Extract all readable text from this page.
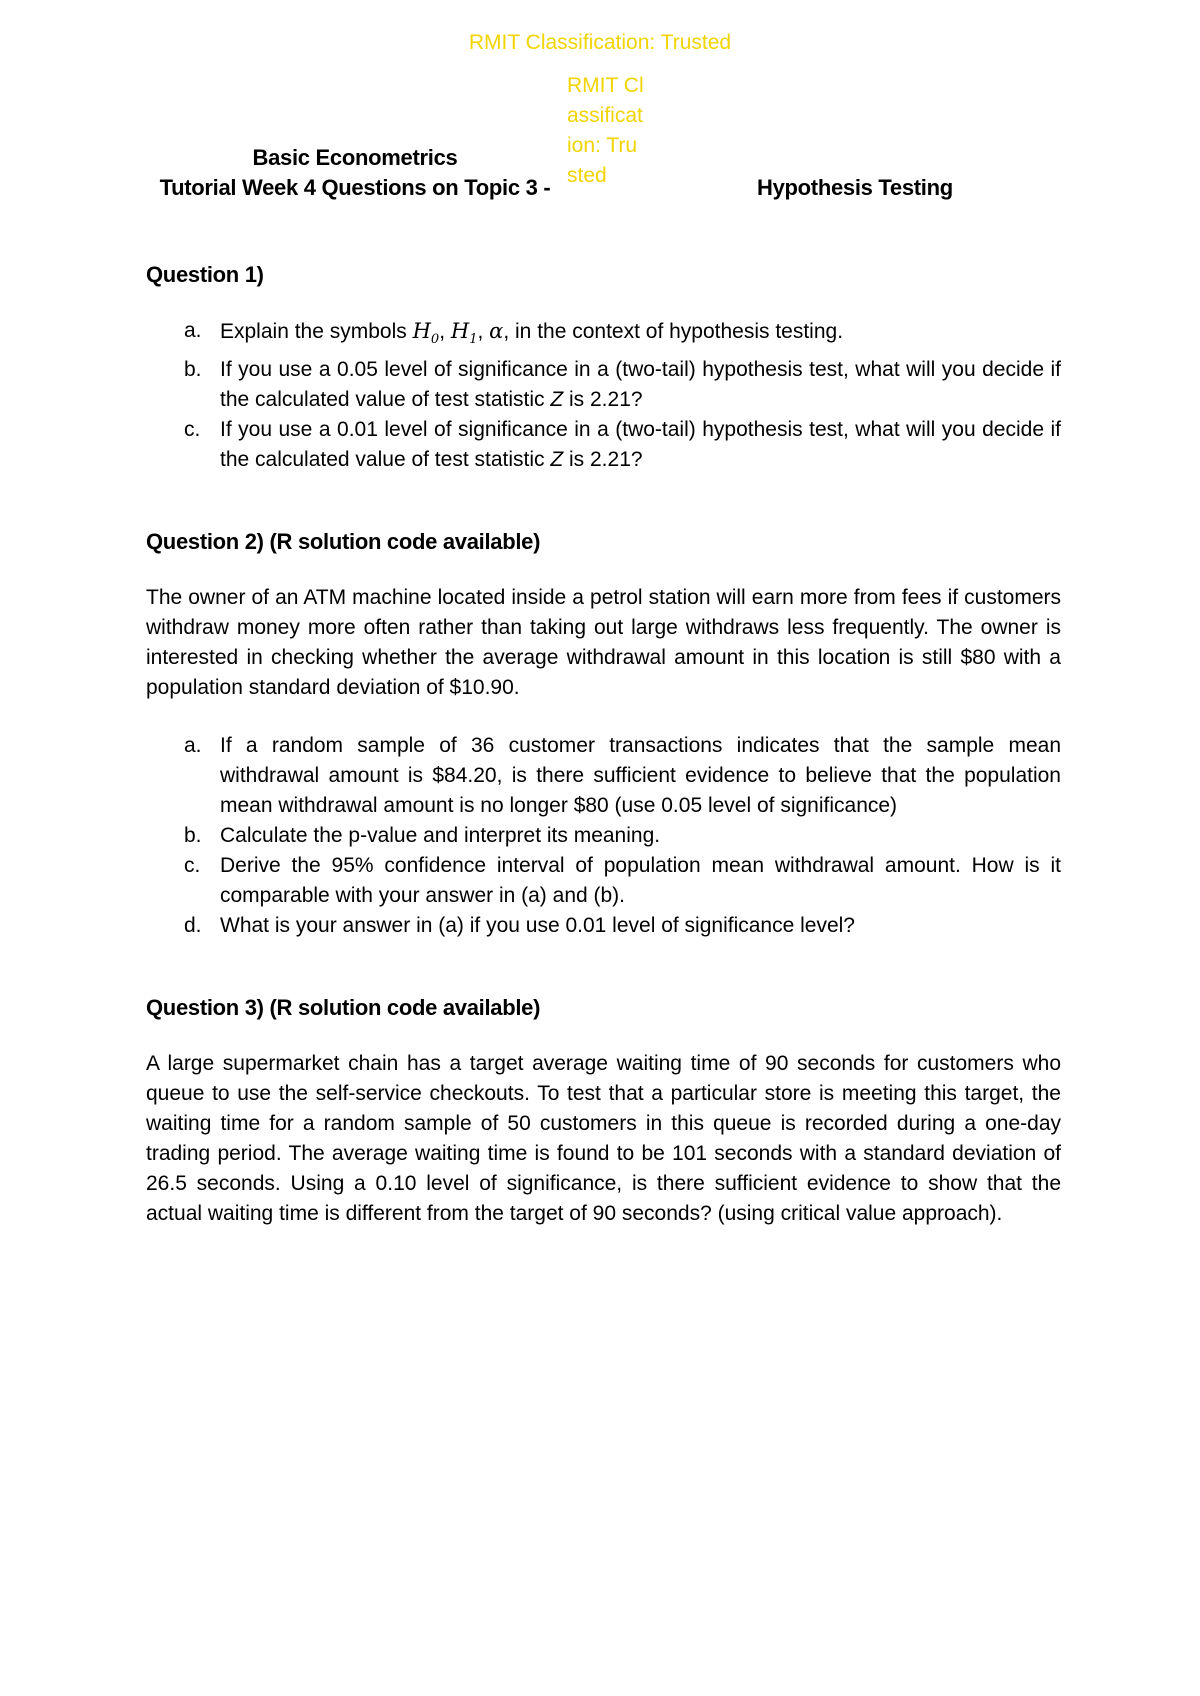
RMIT Classification: Trusted
RMIT Classification: Trusted
Basic Econometrics
Tutorial Week 4 Questions on Topic 3 -	Hypothesis Testing
Question 1)
a. Explain the symbols $H_0$, $H_1$, α, in the context of hypothesis testing.
b. If you use a 0.05 level of significance in a (two-tail) hypothesis test, what will you decide if the calculated value of test statistic Z is 2.21?
c. If you use a 0.01 level of significance in a (two-tail) hypothesis test, what will you decide if the calculated value of test statistic Z is 2.21?
Question 2) (R solution code available)

The owner of an ATM machine located inside a petrol station will earn more from fees if customers withdraw money more often rather than taking out large withdraws less frequently. The owner is interested in checking whether the average withdrawal amount in this location is still $80 with a population standard deviation of $10.90.

a. If a random sample of 36 customer transactions indicates that the sample mean withdrawal amount is $84.20, is there sufficient evidence to believe that the population mean withdrawal amount is no longer $80 (use 0.05 level of significance)
b. Calculate the p-value and interpret its meaning.
c. Derive the 95% confidence interval of population mean withdrawal amount. How is it comparable with your answer in (a) and (b).
d. What is your answer in (a) if you use 0.01 level of significance level?
Question 3) (R solution code available)

A large supermarket chain has a target average waiting time of 90 seconds for customers who queue to use the self-service checkouts. To test that a particular store is meeting this target, the waiting time for a random sample of 50 customers in this queue is recorded during a one-day trading period. The average waiting time is found to be 101 seconds with a standard deviation of 26.5 seconds. Using a 0.10 level of significance, is there sufficient evidence to show that the actual waiting time is different from the target of 90 seconds? (using critical value approach).
